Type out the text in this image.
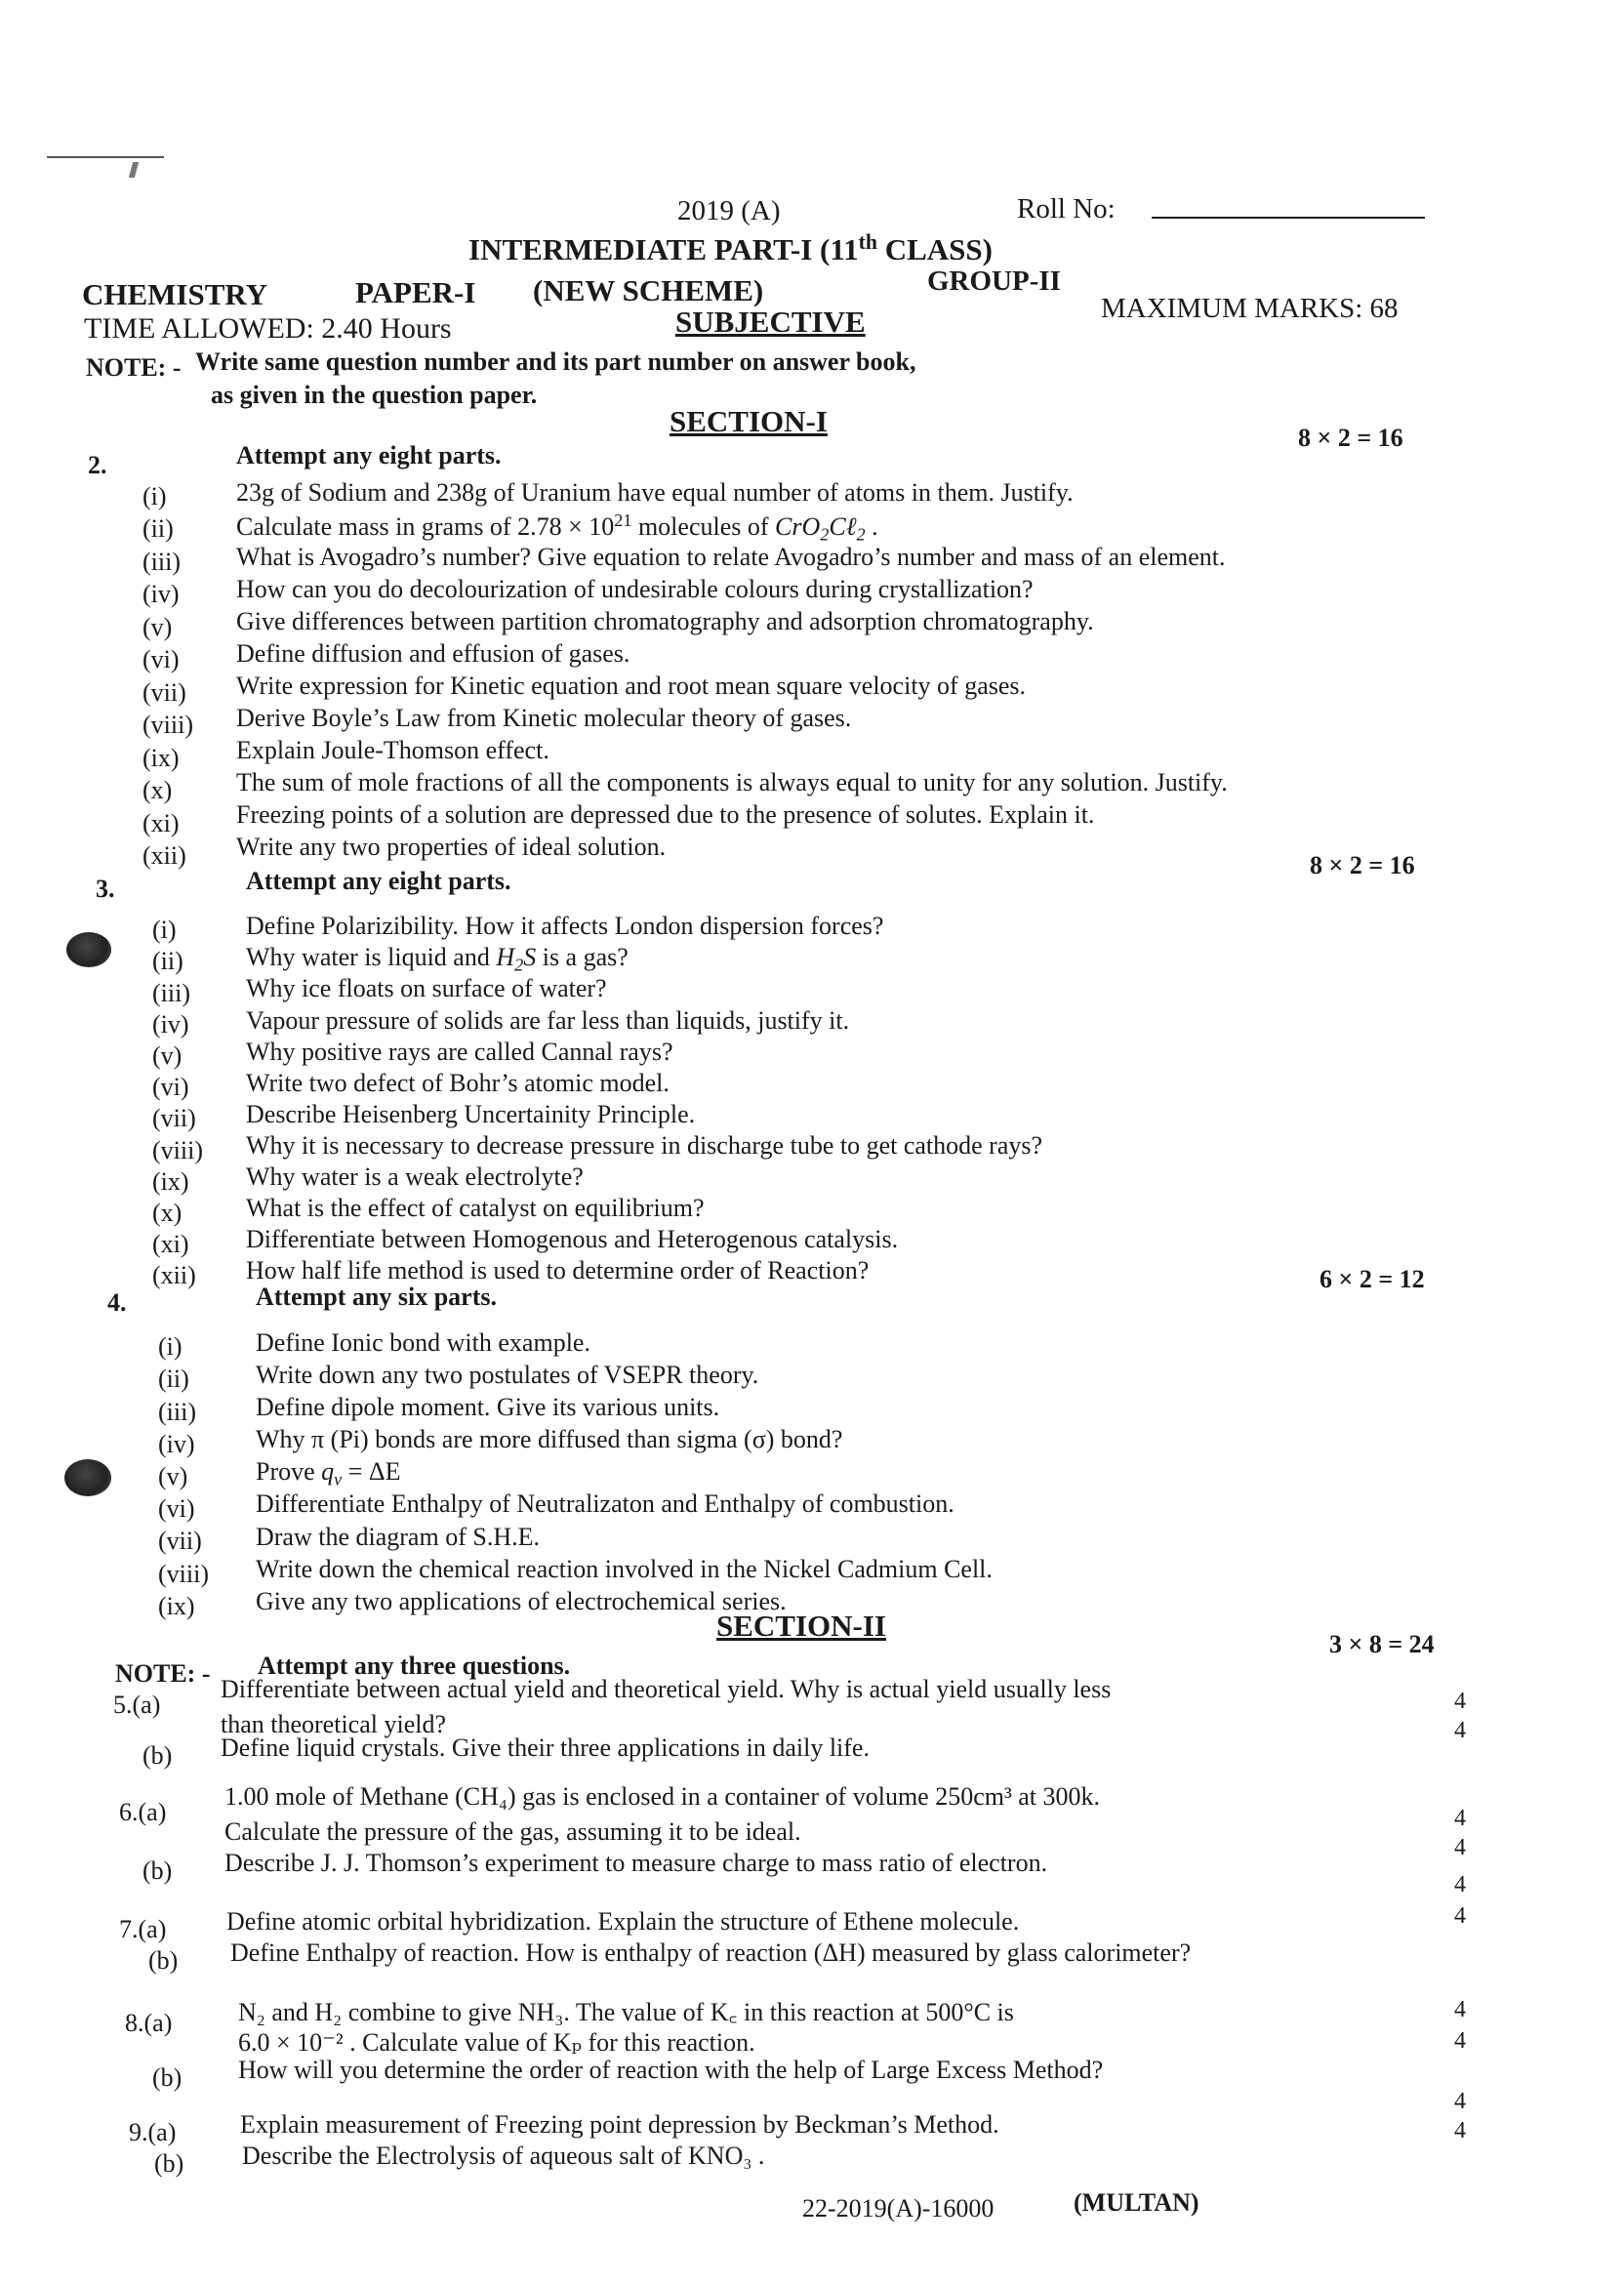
2019 (A)	Roll No:
INTERMEDIATE PART-I (11th CLASS)
CHEMISTRY	PAPER-I (NEW SCHEME)	GROUP-II
TIME ALLOWED: 2.40 Hours	SUBJECTIVE	MAXIMUM MARKS: 68
NOTE: - Write same question number and its part number on answer book,
as given in the question paper.
SECTION-I
2.	Attempt any eight parts.
8 × 2 = 16
(i)	23g of Sodium and 238g of Uranium have equal number of atoms in them. Justify.
(ii) Calculate mass in grams of $2.78 \times 10^{21}$ molecules of CrO$_2$Cℓ$_2$ .
(iii) What is Avogadro’s number? Give equation to relate Avogadro’s number and mass of an element.
(iv) How can you do decolourization of undesirable colours during crystallization?
(v)	Give differences between partition chromatography and adsorption chromatography.
(vi) Define diffusion and effusion of gases.
(vii) Write expression for Kinetic equation and root mean square velocity of gases.
(viii) Derive Boyle’s Law from Kinetic molecular theory of gases.
(ix) Explain Joule-Thomson effect.
(x)	The sum of mole fractions of all the components is always equal to unity for any solution. Justify.
(xi) Freezing points of a solution are depressed due to the presence of solutes. Explain it.
(xii) Write any two properties of ideal solution.
3.	Attempt any eight parts.
8 × 2 = 16
(i)	Define Polarizibility. How it affects London dispersion forces?
(ii) Why water is liquid and $H_2S$ is a gas?
(iii) Why ice floats on surface of water?
(iv) Vapour pressure of solids are far less than liquids, justify it.
(v)	Why positive rays are called Cannal rays?
(vi) Write two defect of Bohr’s atomic model.
(vii) Describe Heisenberg Uncertainity Principle.
(viii) Why it is necessary to decrease pressure in discharge tube to get cathode rays?
(ix) Why water is a weak electrolyte?
(x)	What is the effect of catalyst on equilibrium?
(xi) Differentiate between Homogenous and Heterogenous catalysis.
(xii) How half life method is used to determine order of Reaction?
4.	Attempt any six parts.
6 × 2 = 12
(i)	Define Ionic bond with example.
(ii)	Write down any two postulates of VSEPR theory.
(iii) Define dipole moment. Give its various units.
(iv) Why π (Pi) bonds are more diffused than sigma (σ) bond?
(v)	Prove $q_v = \Delta E$
(vi) Differentiate Enthalpy of Neutralizaton and Enthalpy of combustion.
(vii) Draw the diagram of S.H.E.
(viii) Write down the chemical reaction involved in the Nickel Cadmium Cell.
(ix) Give any two applications of electrochemical series.
SECTION-II
3 × 8 = 24
NOTE: - Attempt any three questions.
5.(a)
Differentiate between actual yield and theoretical yield. Why is actual yield usually less
than theoretical yield?
4
(b) Define liquid crystals. Give their three applications in daily life.
4
6.(a)
1.00 mole of Methane (CH₄) gas is enclosed in a container of volume 250cm³ at 300k.
Calculate the pressure of the gas, assuming it to be ideal.	4
(b) Describe J. J. Thomson’s experiment to measure charge to mass ratio of electron.
4
7.(a) Define atomic orbital hybridization. Explain the structure of Ethene molecule.
4
(b) Define Enthalpy of reaction. How is enthalpy of reaction (ΔH) measured by glass calorimeter?
4
8.(a)	N₂ and H₂ combine to give NH₃. The value of K꜀ in this reaction at 500°C is
6.0 × 10⁻² . Calculate value of Kₚ for this reaction.
4
(b) How will you determine the order of reaction with the help of Large Excess Method?
4
9.(a)	Explain measurement of Freezing point depression by Beckman’s Method.
4
(b) Describe the Electrolysis of aqueous salt of KNO₃ .
4
22-2019(A)-16000	(MULTAN)
